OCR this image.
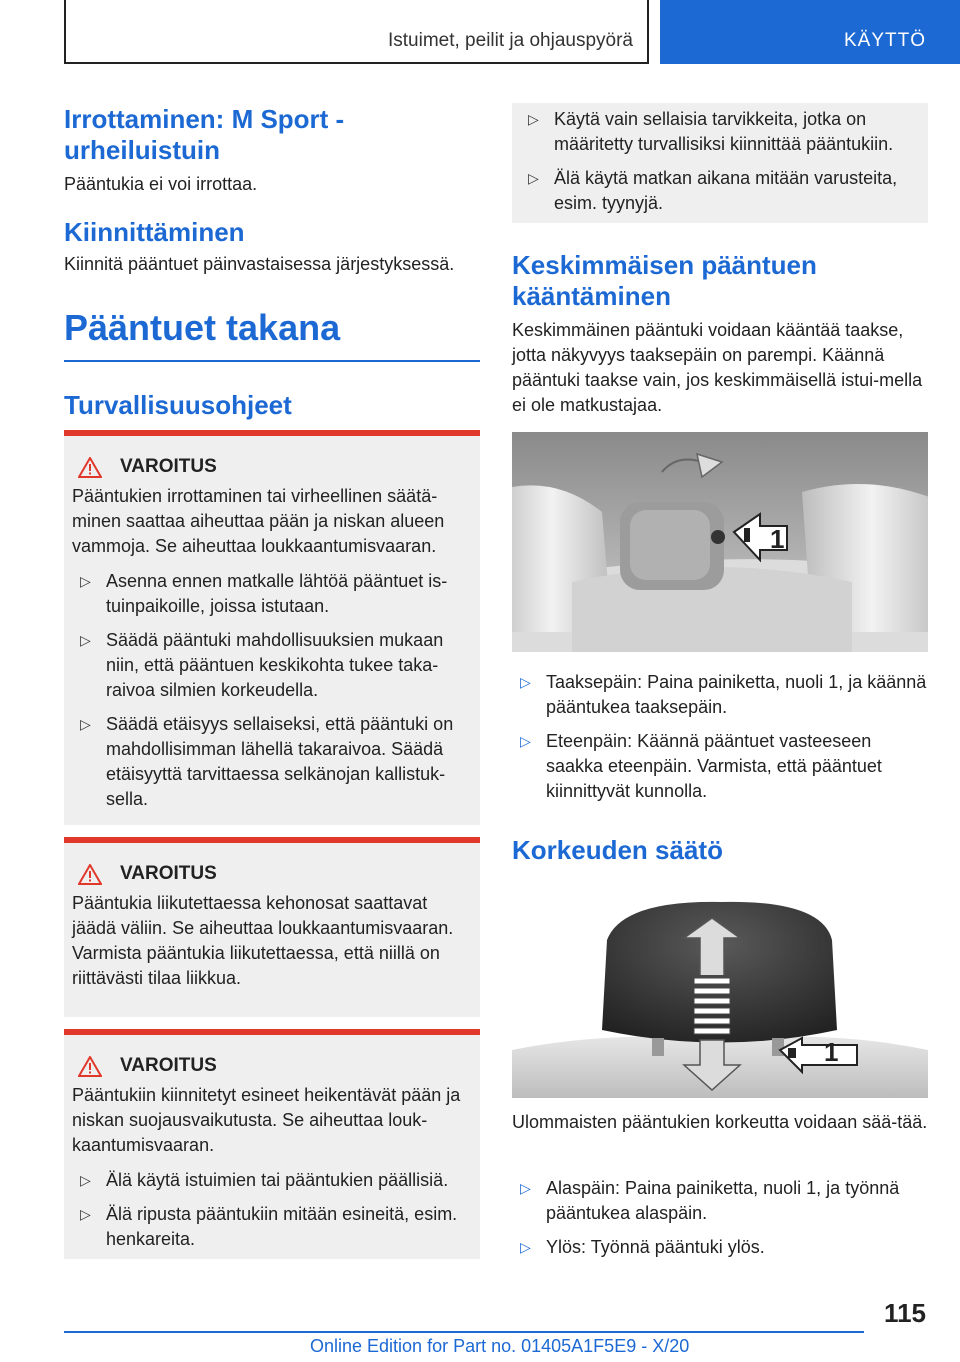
Istuimet, peilit ja ohjauspyörä	KÄYTTÖ
Irrottaminen: M Sport -urheiluistuin

Pääntukia ei voi irrottaa.

Kiinnittäminen

Kiinnitä pääntuet päinvastaisessa järjestyksessä.

Pääntuet takana
Turvallisuusohjeet
VAROITUS

Pääntukien irrottaminen tai virheellinen säätä-minen saattaa aiheuttaa pään ja niskan alueen vammoja. Se aiheuttaa loukkaantumisvaaran.

▷ Asenna ennen matkalle lähtöä pääntuet is-tuinpaikoille, joissa istutaan.
▷ Säädä pääntuki mahdollisuuksien mukaan niin, että pääntuen keskikohta tukee taka-raivoa silmien korkeudella.
▷ Säädä etäisyys sellaiseksi, että pääntuki on mahdollisimman lähellä takaraivoa. Säädä etäisyyttä tarvittaessa selkänojan kallistuk-sella.
VAROITUS

Pääntukia liikutettaessa kehonosat saattavat jäädä väliin. Se aiheuttaa loukkaantumisvaaran. Varmista pääntukia liikutettaessa, että niillä on riittävästi tilaa liikkua.

VAROITUS

Pääntukiin kiinnitetyt esineet heikentävät pään ja niskan suojausvaikutusta. Se aiheuttaa louk-kaantumisvaaran.

▷ Älä käytä istuimien tai pääntukien päällisiä.
▷ Älä ripusta pääntukiin mitään esineitä, esim. henkareita.
▷ Käytä vain sellaisia tarvikkeita, jotka on määritetty turvallisiksi kiinnittää pääntukiin.
▷ Älä käytä matkan aikana mitään varusteita, esim. tyynyjä.
Keskimmäisen pääntuen kääntäminen

Keskimmäinen pääntuki voidaan kääntää taakse, jotta näkyvyys taaksepäin on parempi. Käännä pääntuki taakse vain, jos keskimmäisellä istui-mella ei ole matkustajaa.

1
▷ Taaksepäin: Paina painiketta, nuoli 1, ja käännä pääntukea taaksepäin.
▷ Eteenpäin: Käännä pääntuet vasteeseen saakka eteenpäin. Varmista, että pääntuet kiinnittyvät kunnolla.
Korkeuden säätö
1

Ulommaisten pääntukien korkeutta voidaan sää-tää.

▷ Alaspäin: Paina painiketta, nuoli 1, ja työnnä pääntukea alaspäin.
▷ Ylös: Työnnä pääntuki ylös.
115
Online Edition for Part no. 01405A1F5E9 - X/20
